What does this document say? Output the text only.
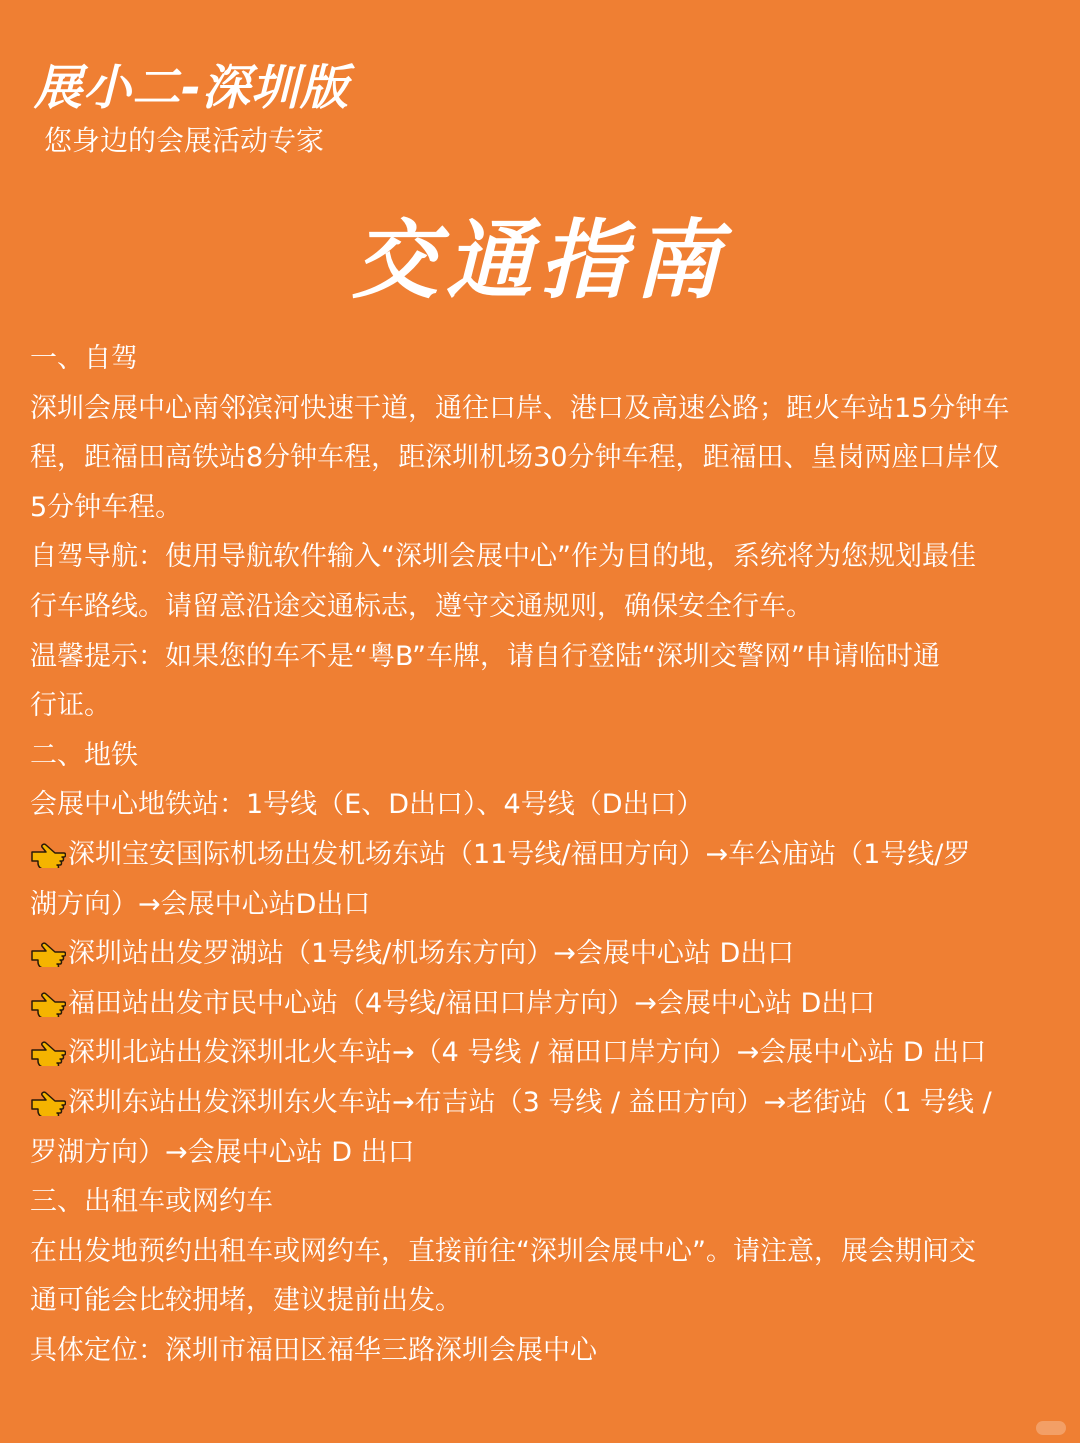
展小二-深圳版
您身边的会展活动专家
交通指南
一、自驾
深圳会展中心南邻滨河快速干道，通往口岸、港口及高速公路；距火车站15分钟车
程，距福田高铁站8分钟车程，距深圳机场30分钟车程，距福田、皇岗两座口岸仅
5分钟车程。
自驾导航：使用导航软件输入“深圳会展中心”作为目的地，系统将为您规划最佳
行车路线。请留意沿途交通标志，遵守交通规则，确保安全行车。
温馨提示：如果您的车不是“粤B”车牌，请自行登陆“深圳交警网”申请临时通
行证。
二、地铁
会展中心地铁站：1号线（E、D出口）、4号线（D出口）
深圳宝安国际机场出发机场东站（11号线/福田方向）→车公庙站（1号线/罗
湖方向）→会展中心站D出口
深圳站出发罗湖站（1号线/机场东方向）→会展中心站 D出口
福田站出发市民中心站（4号线/福田口岸方向）→会展中心站 D出口
深圳北站出发深圳北火车站→（4 号线 / 福田口岸方向）→会展中心站 D 出口
深圳东站出发深圳东火车站→布吉站（3 号线 / 益田方向）→老街站（1 号线 /
罗湖方向）→会展中心站 D 出口
三、出租车或网约车
在出发地预约出租车或网约车，直接前往“深圳会展中心”。请注意，展会期间交
通可能会比较拥堵，建议提前出发。
具体定位：深圳市福田区福华三路深圳会展中心
